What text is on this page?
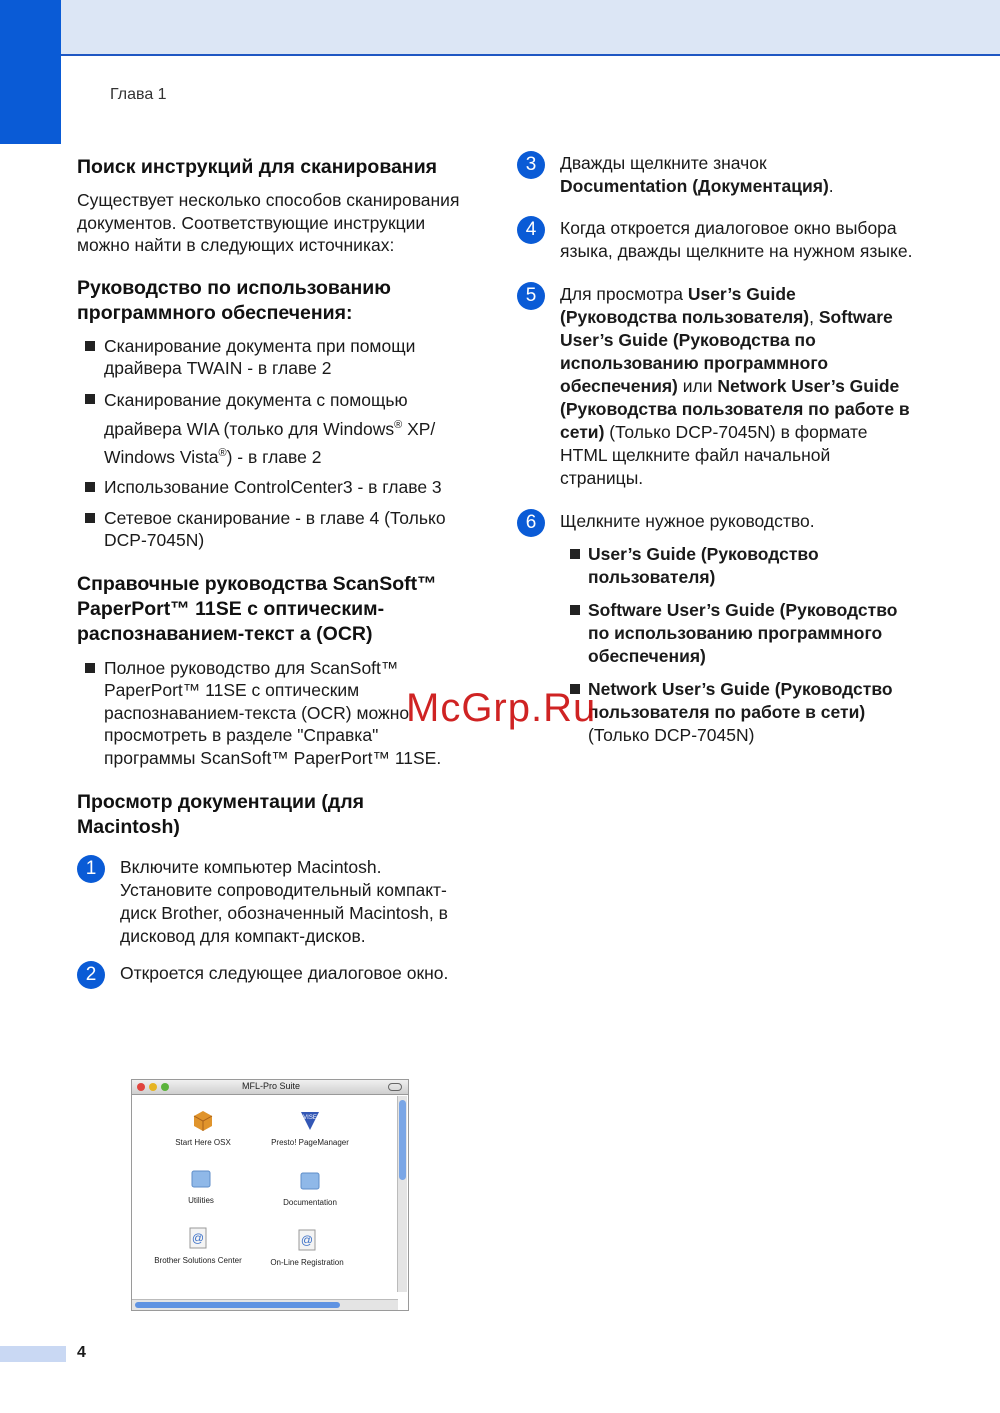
Глава 1
Поиск инструкций для сканирования

Существует несколько способов сканирования документов. Соответствующие инструкции можно найти в следующих источниках:

Руководство по использованию программного обеспечения:
Сканирование документа при помощи драйвера TWAIN - в главе 2
Сканирование документа с помощью драйвера WIA (только для Windows® XP/ Windows Vista®) - в главе 2
Использование ControlCenter3 - в главе 3
Сетевое сканирование - в главе 4 (Только DCP-7045N)
Справочные руководства ScanSoft™ PaperPort™ 11SE с оптическим-распознаванием-текст а (OCR)
Полное руководство для ScanSoft™ PaperPort™ 11SE с оптическим распознаванием-текста (OCR) можно просмотреть в разделе "Справка" программы ScanSoft™ PaperPort™ 11SE.
Просмотр документации (для Macintosh)
1	Включите компьютер Macintosh. Установите сопроводительный компакт-диск Brother, обозначенный Macintosh, в дисковод для компакт-дисков.
2	Откроется следующее диалоговое окно.
MFL-Pro Suite
Start Here OSX
VISE
Presto! PageManager
Utilities	Documentation
@
Brother Solutions Center
@
On-Line Registration
3	Дважды щелкните значок
Documentation (Документация).
4	Когда откроется диалоговое окно выбора языка, дважды щелкните на нужном языке.
5	Для просмотра User’s Guide (Руководства пользователя), Software User’s Guide (Руководства по использованию программного обеспечения) или Network User’s Guide (Руководства пользователя по работе в сети) (Только DCP-7045N) в формате HTML щелкните файл начальной страницы.
6	Щелкните нужное руководство.
User’s Guide (Руководство пользователя)
Software User’s Guide (Руководство по использованию программного обеспечения)
Network User’s Guide (Руководство пользователя по работе в сети)
(Только DCP-7045N)
McGrp.Ru
4
